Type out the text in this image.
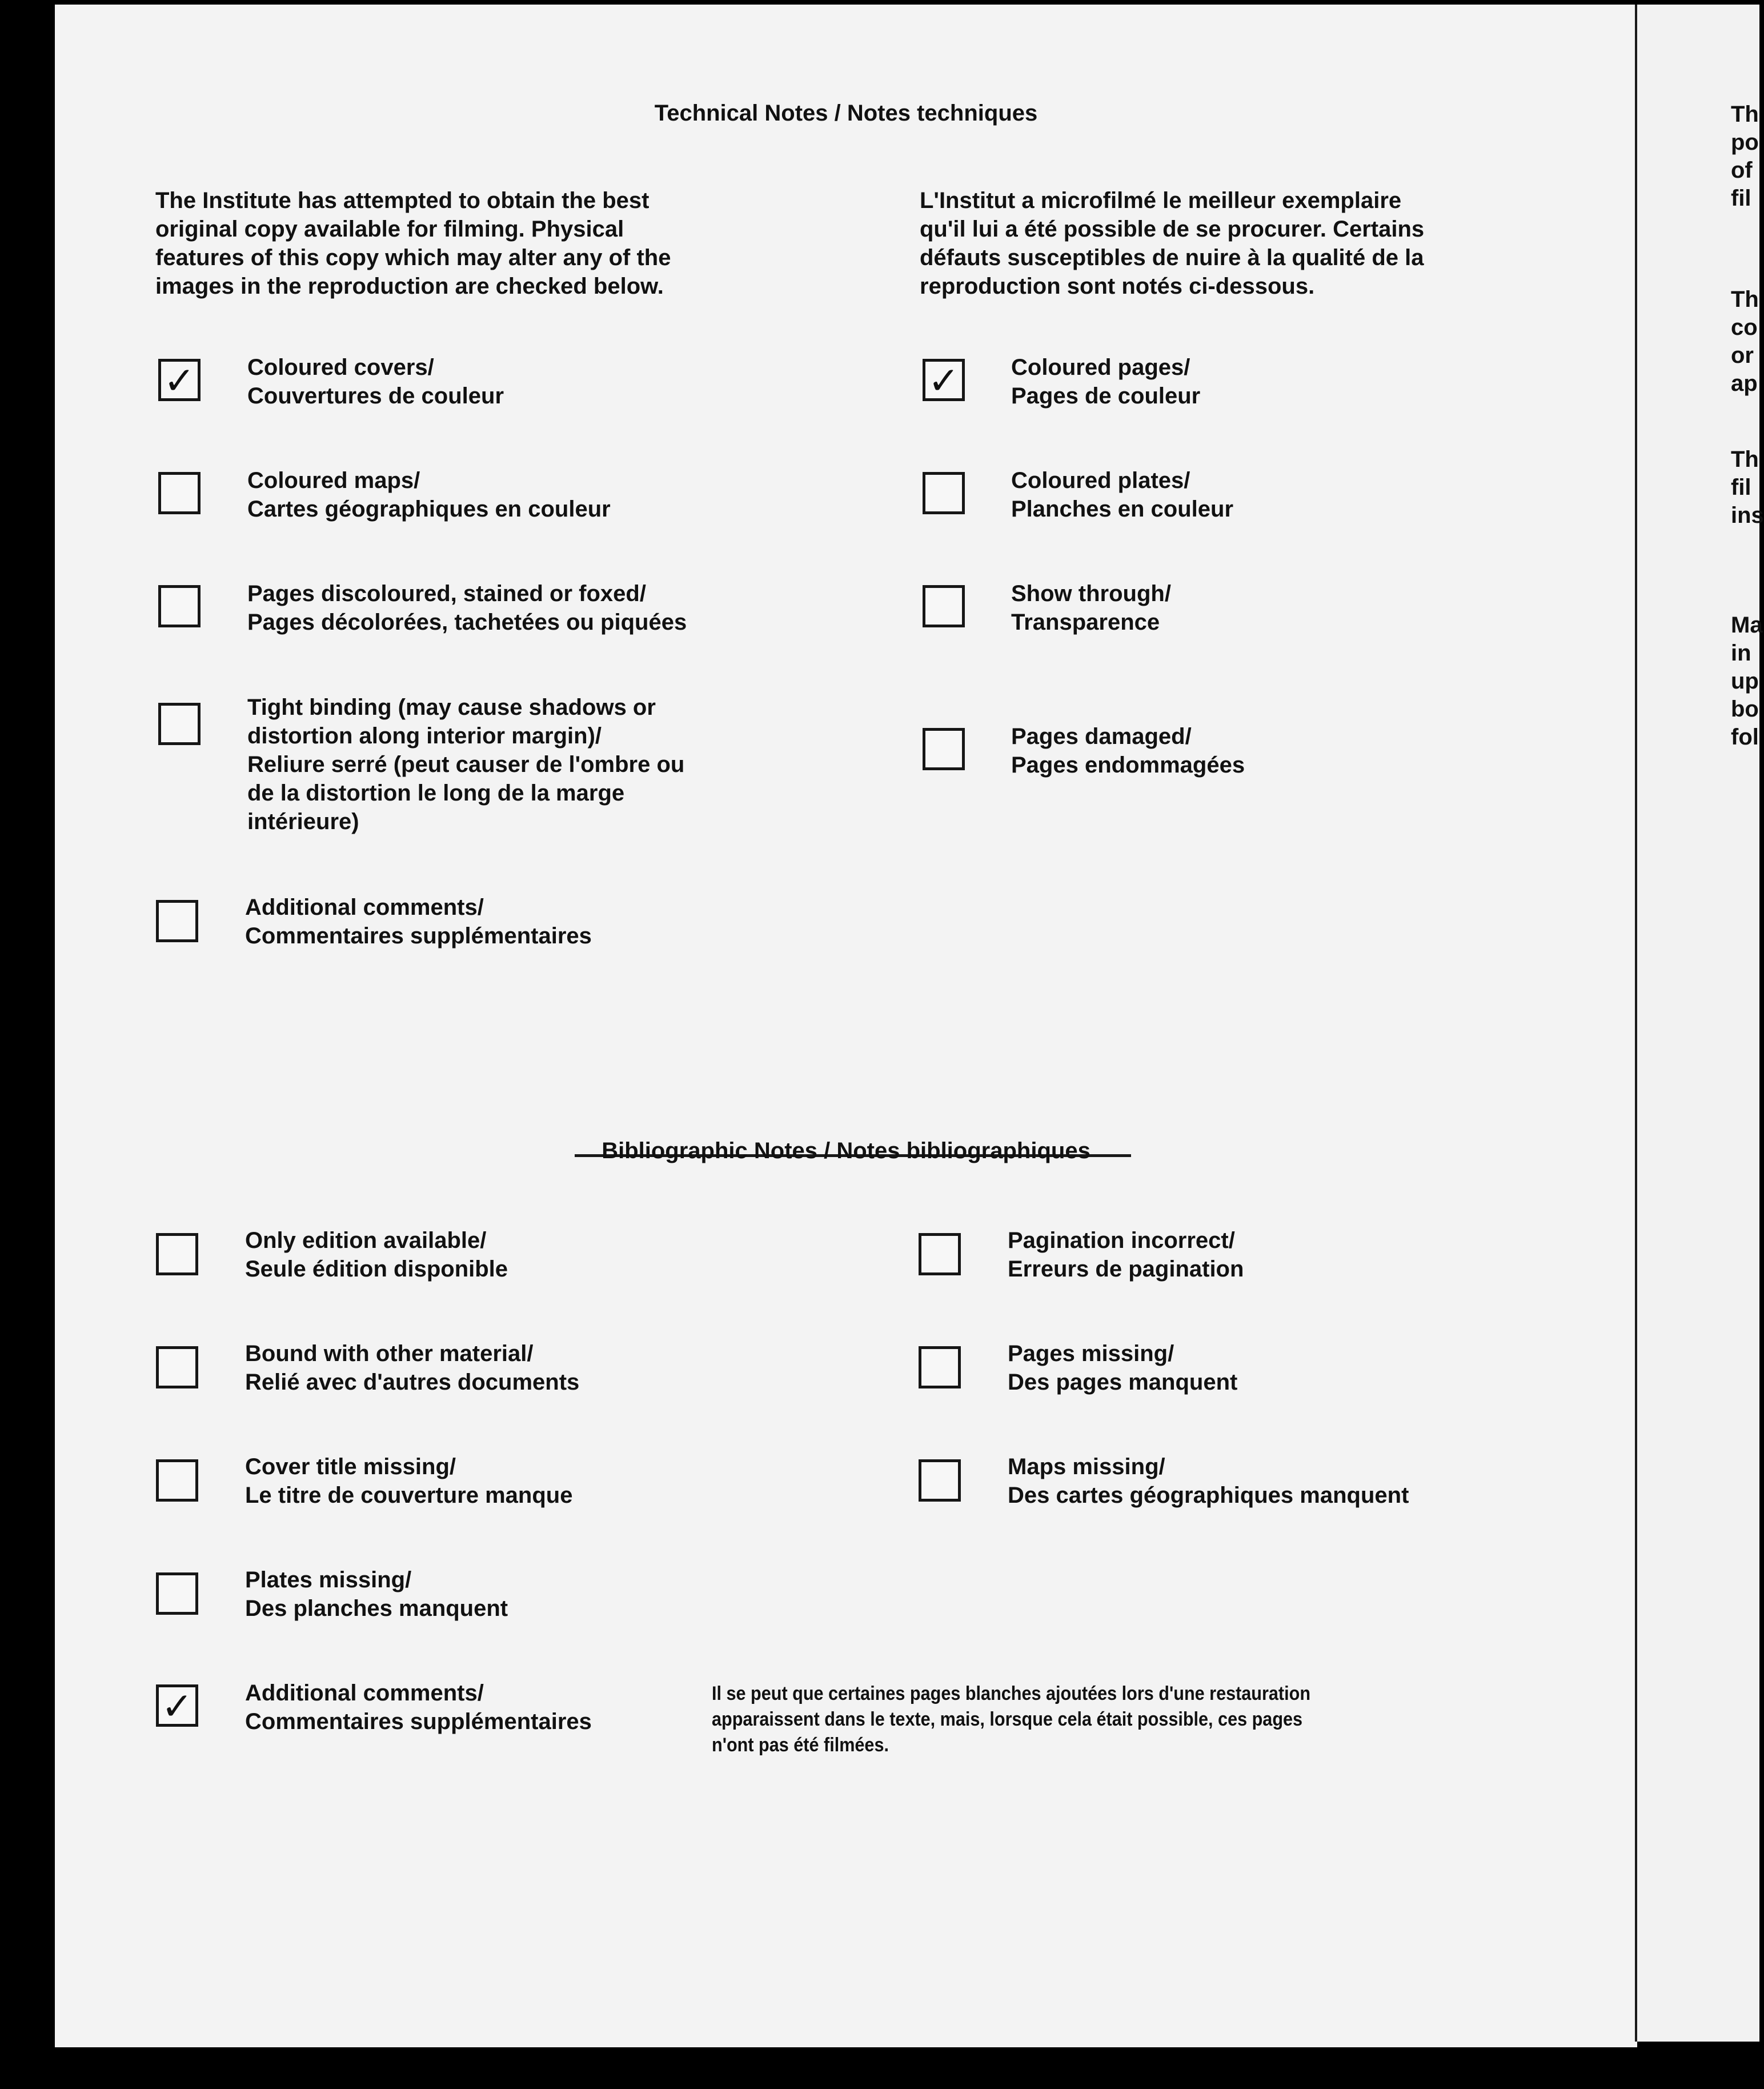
Technical Notes / Notes techniques
The Institute has attempted to obtain the best
original copy available for filming. Physical
features of this copy which may alter any of the
images in the reproduction are checked below.
L'Institut a microfilmé le meilleur exemplaire
qu'il lui a été possible de se procurer. Certains
défauts susceptibles de nuire à la qualité de la
reproduction sont notés ci-dessous.
✓ Coloured covers/
Couvertures de couleur	✓ Coloured pages/
Pages de couleur
Coloured maps/
Cartes géographiques en couleur
Coloured plates/
Planches en couleur
Pages discoloured, stained or foxed/
Pages décolorées, tachetées ou piquées
Show through/
Transparence
Tight binding (may cause shadows or
distortion along interior margin)/
Reliure serré (peut causer de l'ombre ou
de la distortion le long de la marge
intérieure)
Pages damaged/
Pages endommagées
Additional comments/
Commentaires supplémentaires
Bibliographic Notes / Notes bibliographiques
Only edition available/
Seule édition disponible
Pagination incorrect/
Erreurs de pagination
Bound with other material/
Relié avec d'autres documents
Pages missing/
Des pages manquent
Cover title missing/
Le titre de couverture manque
Maps missing/
Des cartes géographiques manquent
Plates missing/
Des planches manquent
✓ Additional comments/
Commentaires supplémentaires
Il se peut que certaines pages blanches ajoutées lors d'une restauration
apparaissent dans le texte, mais, lorsque cela était possible, ces pages
n'ont pas été filmées.
Th
po
of
fil
Th
co
or
ap
Th
fil
ins
Ma
in
up
bo
fol
